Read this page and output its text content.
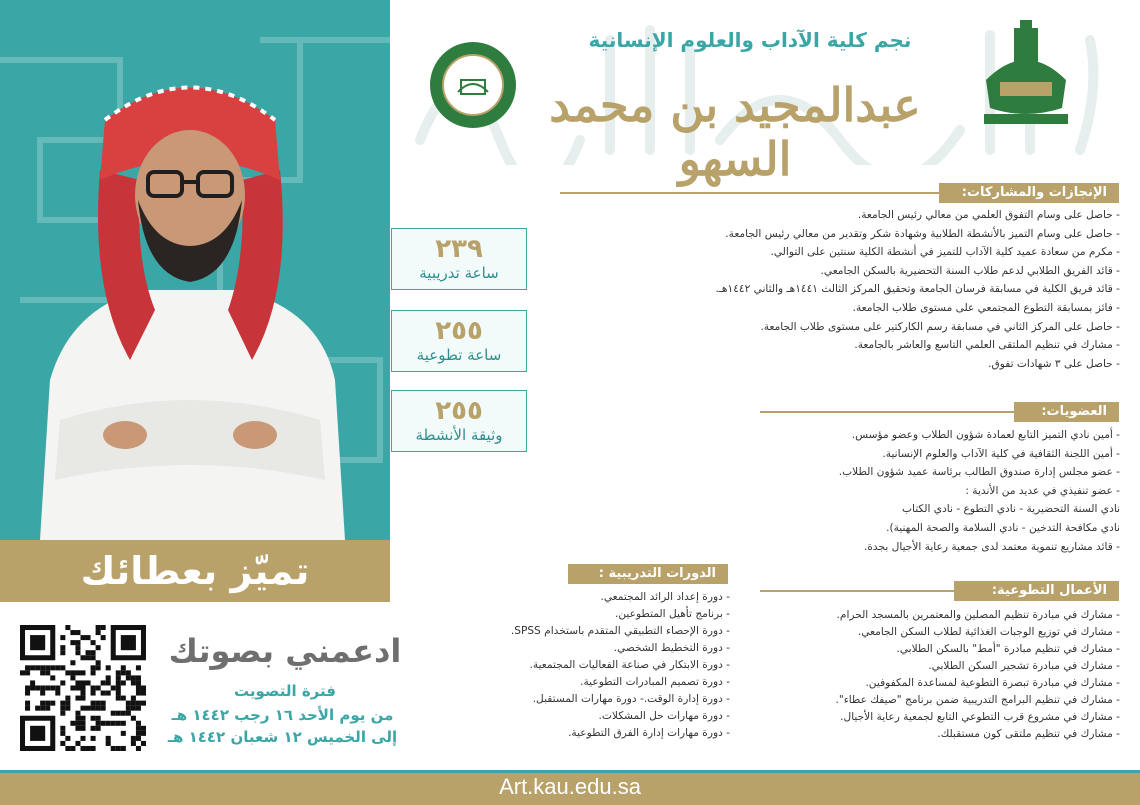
تميّز بعطائك
٢٣٩
ساعة تدريبية
٢٥٥
ساعة تطوعية
٢٥٥
وثيقة الأنشطة
نجم كلية الآداب والعلوم الإنسانية
عبدالمجيد بن محمد السهو
الإنجازات والمشاركات:
- حاصل على وسام التفوق العلمي من معالي رئيس الجامعة.
- حاصل على وسام التميز بالأنشطة الطلابية وشهادة شكر وتقدير من معالي رئيس الجامعة.
- مكرم من سعادة عميد كلية الآداب للتميز في أنشطة الكلية سنتين على التوالي.
- قائد الفريق الطلابي لدعم طلاب السنة التحضيرية بالسكن الجامعي.
- قائد فريق الكلية في مسابقة فرسان الجامعة وتحقيق المركز الثالث ١٤٤١هـ والثاني ١٤٤٢هـ.
- فائز بمسابقة التطوع المجتمعي على مستوى طلاب الجامعة.
- حاصل على المركز الثاني في مسابقة رسم الكاركتير على مستوى طلاب الجامعة.
- مشارك في تنظيم الملتقى العلمي التاسع والعاشر بالجامعة.
- حاصل على ٣ شهادات تفوق.
العضويات:
- أمين نادي التميز التابع لعمادة شؤون الطلاب وعضو مؤسس.
- أمين اللجنة الثقافية في كلية الآداب والعلوم الإنسانية.
- عضو مجلس إدارة صندوق الطالب برئاسة عميد شؤون الطلاب.
- عضو تنفيذي في عديد من الأندية :
نادي السنة التحضيرية - نادي التطوع - نادي الكتاب
نادي مكافحة التدخين - نادي السلامة والصحة المهنية).
- قائد مشاريع تنموية معتمد لدى جمعية رعاية الأجيال بجدة.
الأعمال التطوعية:
- مشارك في مبادرة تنظيم المصلين والمعتمرين بالمسجد الحرام.
- مشارك في توزيع الوجبات الغذائية لطلاب السكن الجامعي.
- مشارك في تنظيم مبادرة "أمط" بالسكن الطلابي.
- مشارك في مبادرة تشجير السكن الطلابي.
- مشارك في مبادرة تبصرة التطوعية لمساعدة المكفوفين.
- مشارك في تنظيم البرامج التدريبية ضمن برنامج "صيفك عطاء".
- مشارك في مشروع قرب التطوعي التابع لجمعية رعاية الأجيال.
- مشارك في تنظيم ملتقى كون مستقبلك.
الدورات التدريبية :
- دورة إعداد الرائد المجتمعي.
- برنامج تأهيل المتطوعين.
- دورة الإحصاء التطبيقي المتقدم باستخدام SPSS.
- دورة التخطيط الشخصي.
- دورة الابتكار في صناعة الفعاليات المجتمعية.
- دورة تصميم المبادرات التطوعية.
- دورة إدارة الوقت.- دورة مهارات المستقبل.
- دورة مهارات حل المشكلات.
- دورة مهارات إدارة الفرق التطوعية.
ادعمني بصوتك
فترة التصويت
من يوم الأحد ١٦ رجب ١٤٤٢ هـ
إلى الخميس ١٢ شعبان ١٤٤٢ هـ
Art.kau.edu.sa
